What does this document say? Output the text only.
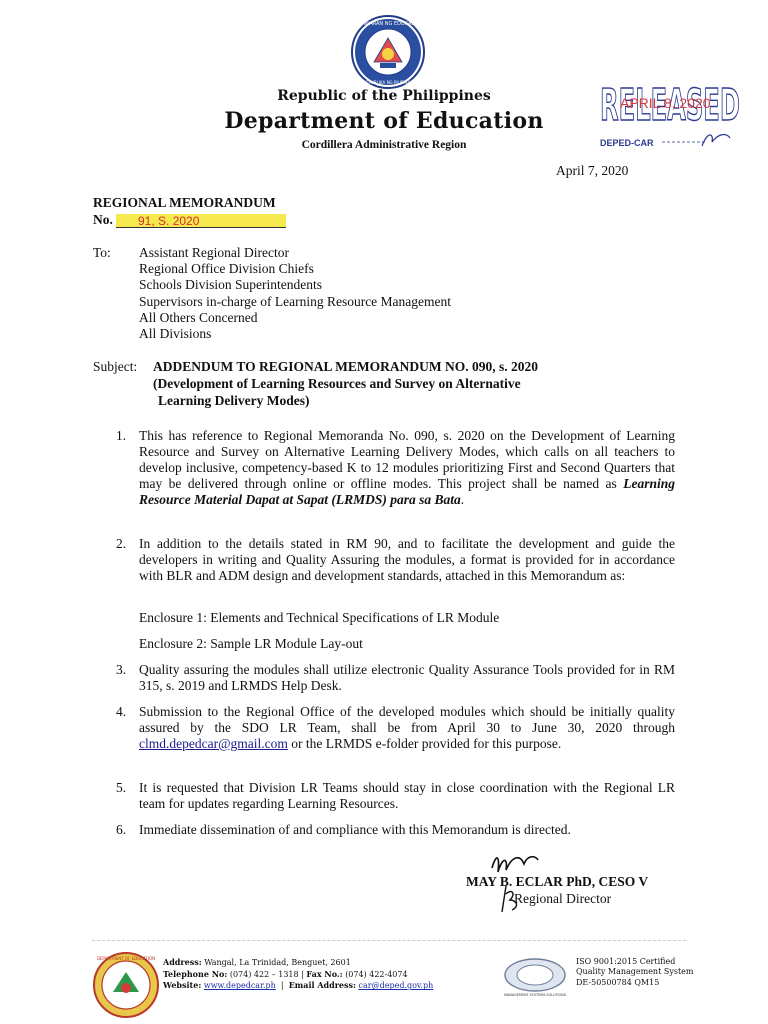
KAGAWARAN NG EDUKASYON
REPUBLIKA NG PILIPINAS
Republic of the Philippines
Department of Education
Cordillera Administrative Region
RELEASED
APRIL 8, 2020
DEPED-CAR
April 7, 2020
REGIONAL MEMORANDUM
No.	91, S. 2020
To: Assistant Regional Director
Regional Office Division Chiefs
Schools Division Superintendents
Supervisors in-charge of Learning Resource Management
All Others Concerned
All Divisions
Subject: ADDENDUM TO REGIONAL MEMORANDUM NO. 090, s. 2020
(Development of Learning Resources and Survey on Alternative
Learning Delivery Modes)
1. This has reference to Regional Memoranda No. 090, s. 2020 on the Development of Learning Resource and Survey on Alternative Learning Delivery Modes, which calls on all teachers to develop inclusive, competency-based K to 12 modules prioritizing First and Second Quarters that may be delivered through online or offline modes. This project shall be named as Learning Resource Material Dapat at Sapat (LRMDS) para sa Bata.
2. In addition to the details stated in RM 90, and to facilitate the development and guide the developers in writing and Quality Assuring the modules, a format is provided for in accordance with BLR and ADM design and development standards, attached in this Memorandum as:
Enclosure 1: Elements and Technical Specifications of LR Module
Enclosure 2: Sample LR Module Lay-out
3. Quality assuring the modules shall utilize electronic Quality Assurance Tools provided for in RM 315, s. 2019 and LRMDS Help Desk.
4. Submission to the Regional Office of the developed modules which should be initially quality assured by the SDO LR Team, shall be from April 30 to June 30, 2020 through clmd.depedcar@gmail.com or the LRMDS e-folder provided for this purpose.
5. It is requested that Division LR Teams should stay in close coordination with the Regional LR team for updates regarding Learning Resources.
6. Immediate dissemination of and compliance with this Memorandum is directed.
MAY B. ECLAR PhD, CESO V
Regional Director
DEPARTMENT OF EDUCATION Address: Wangal, La Trinidad, Benguet, 2601
Telephone No: (074) 422 – 1318 | Fax No.: (074) 422-4074
Website: www.depedcar.ph  |  Email Address: car@deped.gov.ph
MANAGEMENT SYSTEMS SOLUTIONS
ISO 9001:2015 Certified
Quality Management System
DE-50500784 QM15
